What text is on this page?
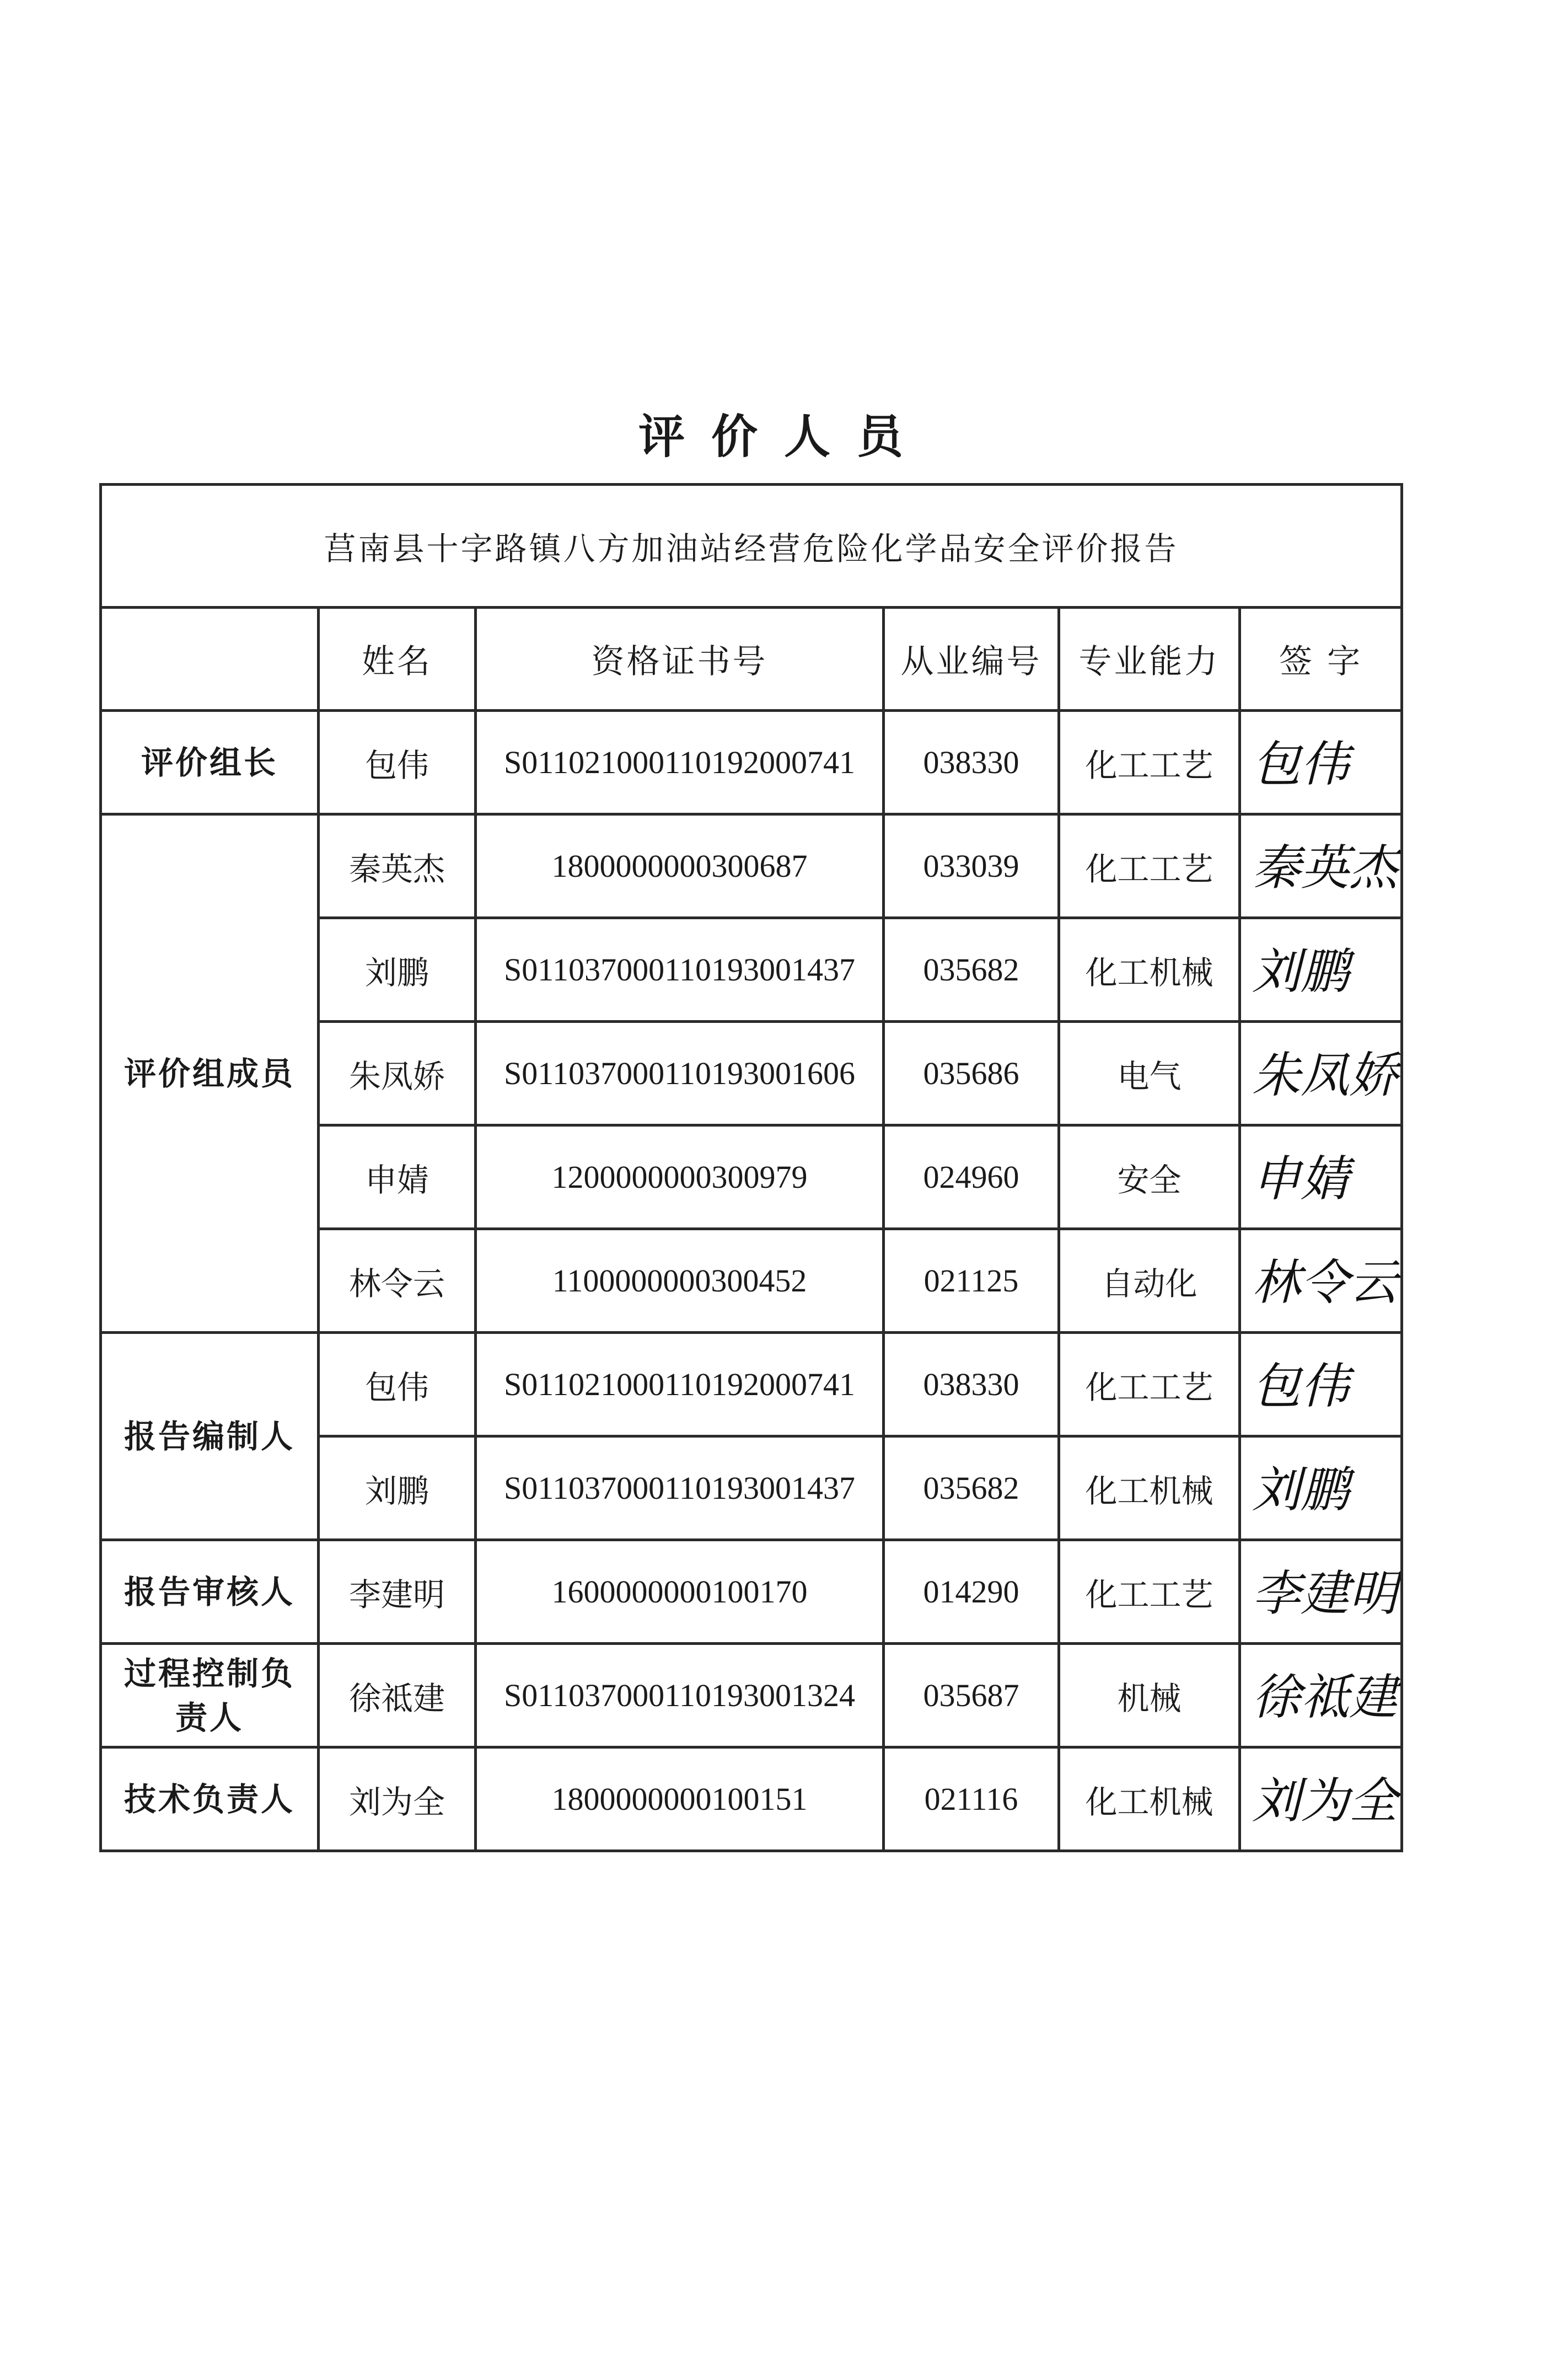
评价人员
莒南县十字路镇八方加油站经营危险化学品安全评价报告					
	姓名	资格证书号	从业编号	专业能力	签 字
评价组长	包伟	S011021000110192000741	038330	化工工艺	包伟

评价组成员	秦英杰	1800000000300687	033039	化工工艺	秦英杰

	刘鹏	S011037000110193001437	035682	化工机械	刘鹏

	朱凤娇	S011037000110193001606	035686	电气	朱凤娇

	申婧	1200000000300979	024960	安全	申婧

	林令云	1100000000300452	021125	自动化	林令云

报告编制人	包伟	S011021000110192000741	038330	化工工艺	包伟

	刘鹏	S011037000110193001437	035682	化工机械	刘鹏

报告审核人	李建明	1600000000100170	014290	化工工艺	李建明

过程控制负责人	徐祗建	S011037000110193001324	035687	机械	徐祗建

技术负责人	刘为全	1800000000100151	021116	化工机械	刘为全
